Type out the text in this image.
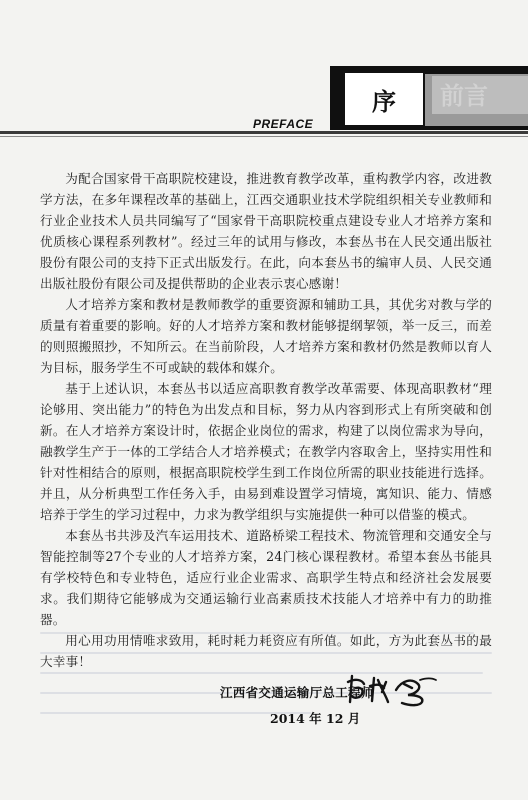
前言
序
PREFACE

为配合国家骨干高职院校建设，推进教育教学改革，重构教学内容，改进教学方法，在多年课程改革的基础上，江西交通职业技术学院组织相关专业教师和行业企业技术人员共同编写了“国家骨干高职院校重点建设专业人才培养方案和优质核心课程系列教材”。经过三年的试用与修改，本套丛书在人民交通出版社股份有限公司的支持下正式出版发行。在此，向本套丛书的编审人员、人民交通出版社股份有限公司及提供帮助的企业表示衷心感谢！

人才培养方案和教材是教师教学的重要资源和辅助工具，其优劣对教与学的质量有着重要的影响。好的人才培养方案和教材能够提纲挈领，举一反三，而差的则照搬照抄，不知所云。在当前阶段，人才培养方案和教材仍然是教师以育人为目标，服务学生不可或缺的载体和媒介。

基于上述认识，本套丛书以适应高职教育教学改革需要、体现高职教材“理论够用、突出能力”的特色为出发点和目标，努力从内容到形式上有所突破和创新。在人才培养方案设计时，依据企业岗位的需求，构建了以岗位需求为导向，融教学生产于一体的工学结合人才培养模式；在教学内容取舍上，坚持实用性和针对性相结合的原则，根据高职院校学生到工作岗位所需的职业技能进行选择。并且，从分析典型工作任务入手，由易到难设置学习情境，寓知识、能力、情感培养于学生的学习过程中，力求为教学组织与实施提供一种可以借鉴的模式。

本套丛书共涉及汽车运用技术、道路桥梁工程技术、物流管理和交通安全与智能控制等27个专业的人才培养方案，24门核心课程教材。希望本套丛书能具有学校特色和专业特色，适应行业企业需求、高职学生特点和经济社会发展要求。我们期待它能够成为交通运输行业高素质技术技能人才培养中有力的助推器。

用心用功用情唯求致用，耗时耗力耗资应有所值。如此，方为此套丛书的最大幸事！

江西省交通运输厅总工程师
2014 年 12 月
